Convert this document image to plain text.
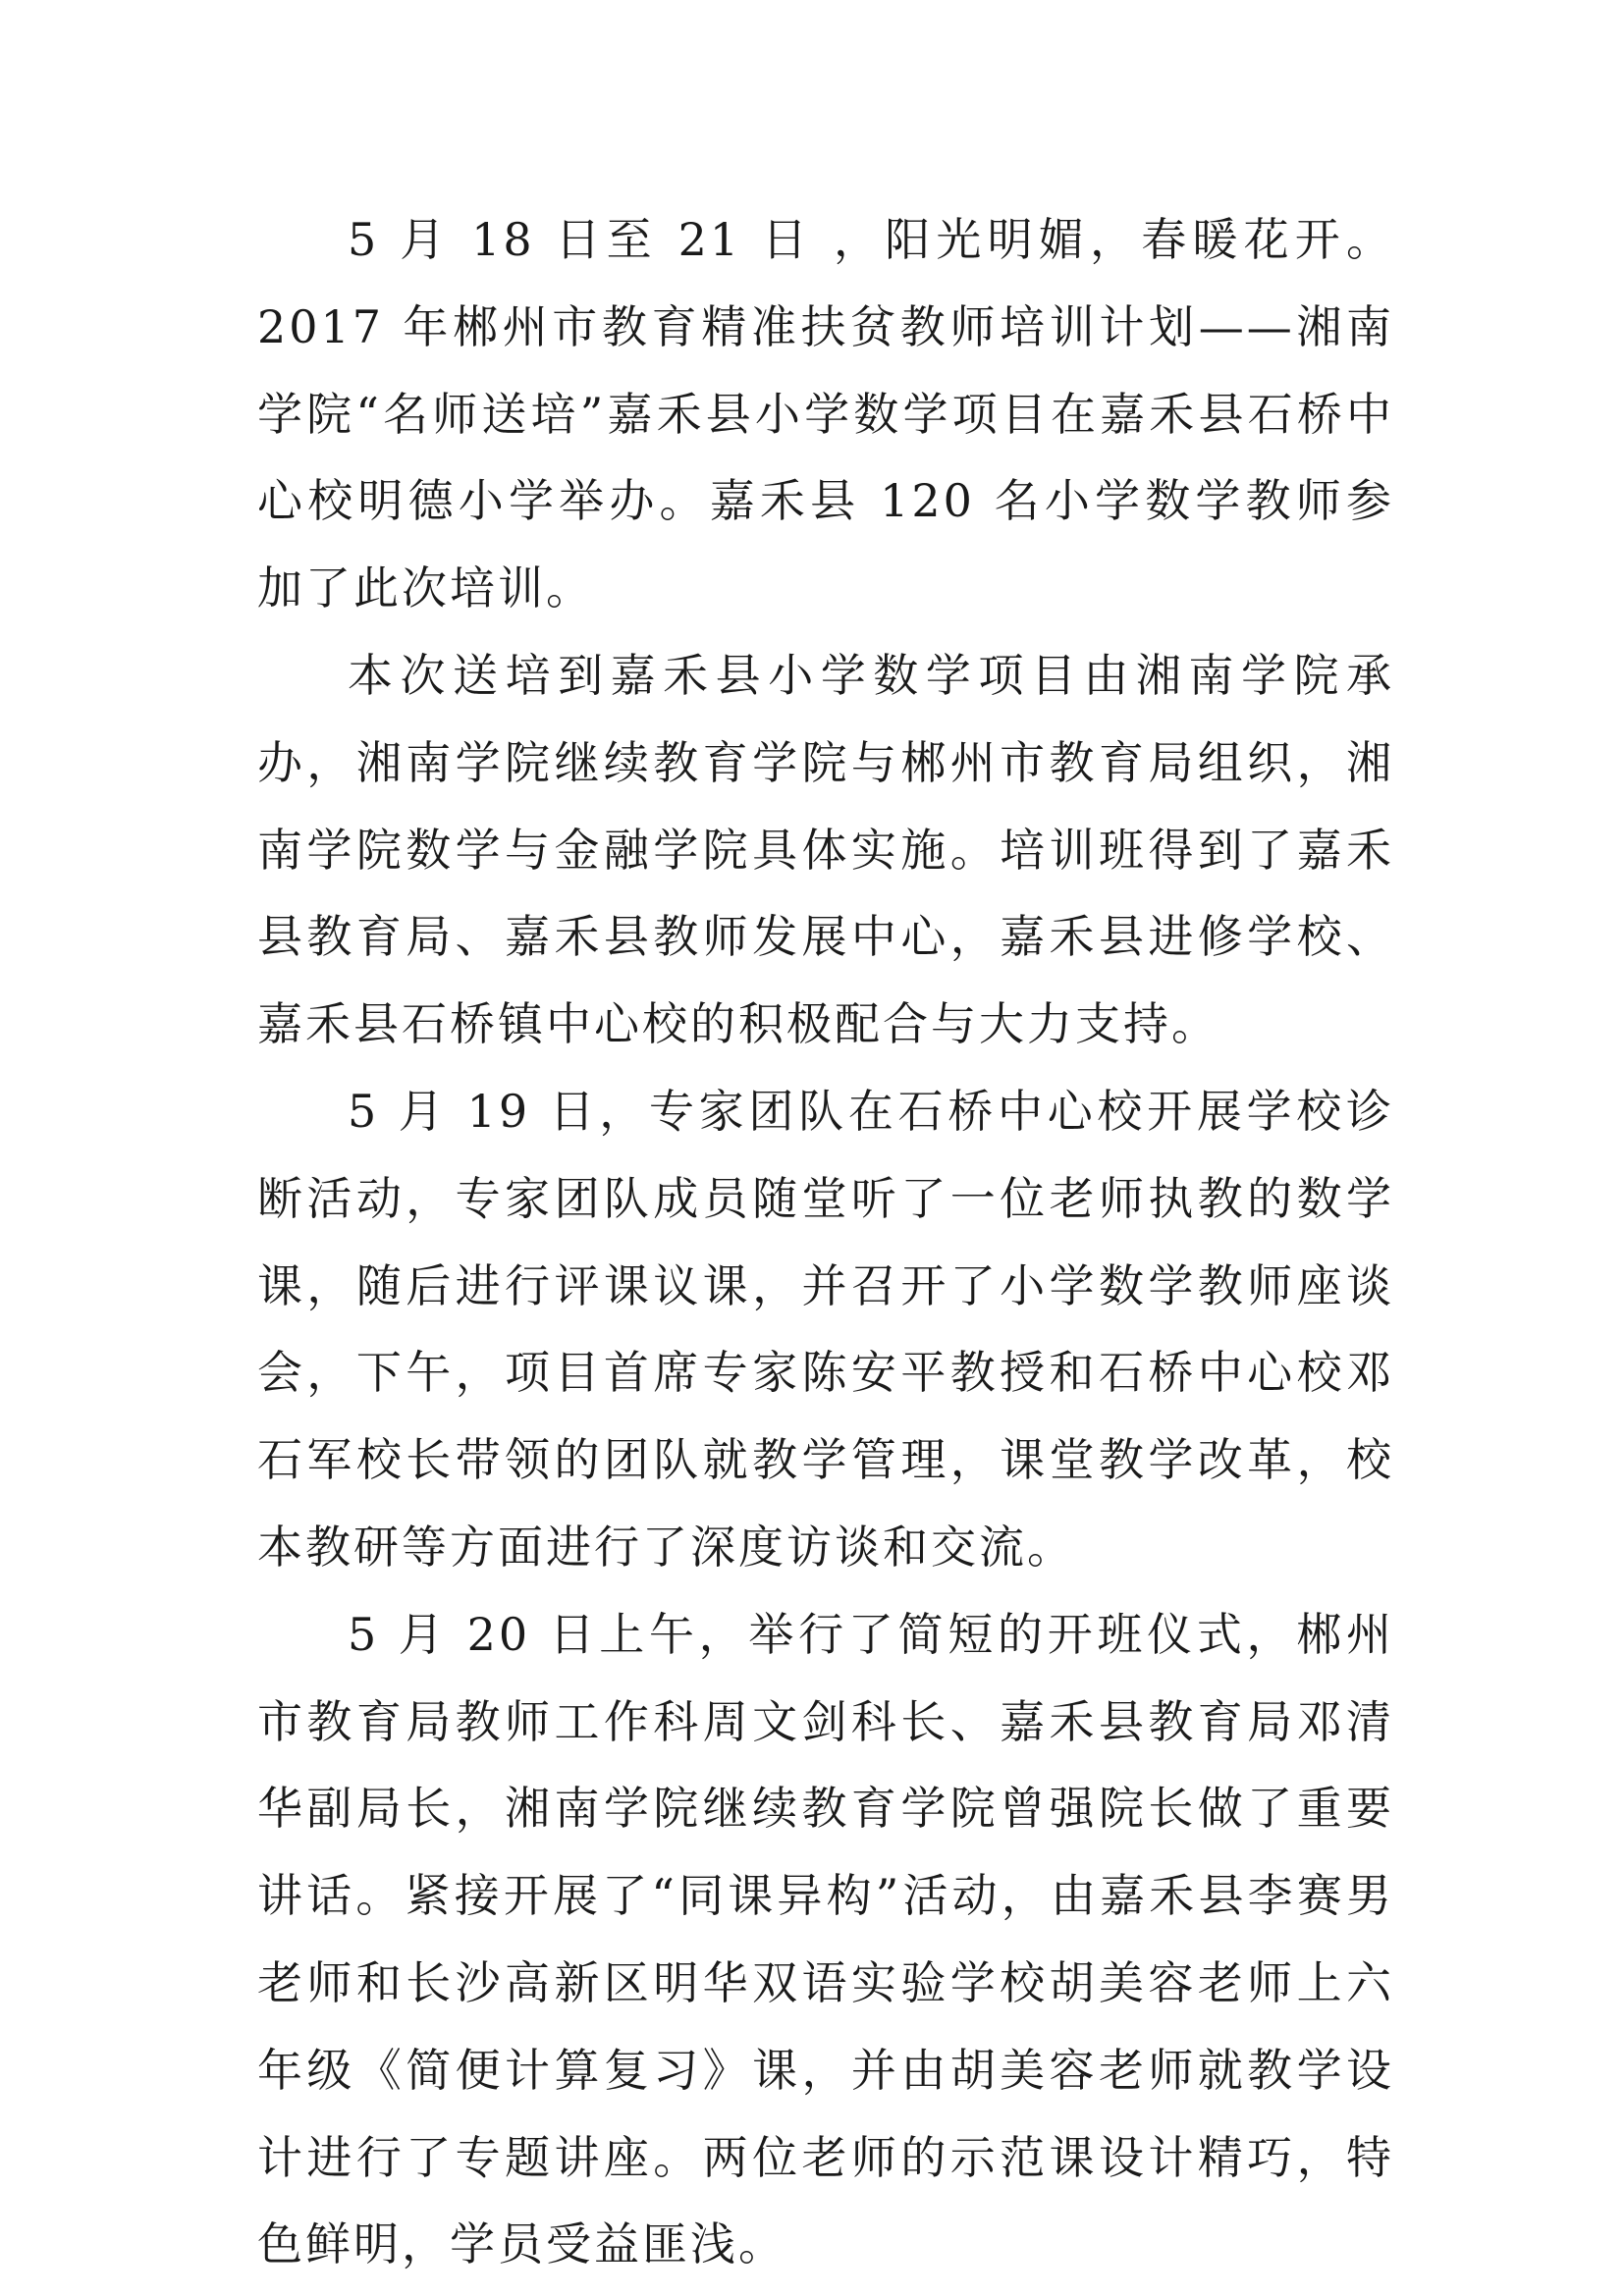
5 月 18 日至 21 日 ，阳光明媚，春暖花开。2017 年郴州市教育精准扶贫教师培训计划——湘南学院“名师送培”嘉禾县小学数学项目在嘉禾县石桥中心校明德小学举办。嘉禾县 120 名小学数学教师参加了此次培训。

本次送培到嘉禾县小学数学项目由湘南学院承办，湘南学院继续教育学院与郴州市教育局组织，湘南学院数学与金融学院具体实施。培训班得到了嘉禾县教育局、嘉禾县教师发展中心，嘉禾县进修学校、嘉禾县石桥镇中心校的积极配合与大力支持。

5 月 19 日，专家团队在石桥中心校开展学校诊断活动，专家团队成员随堂听了一位老师执教的数学课，随后进行评课议课，并召开了小学数学教师座谈会，下午，项目首席专家陈安平教授和石桥中心校邓石军校长带领的团队就教学管理，课堂教学改革，校本教研等方面进行了深度访谈和交流。

5 月 20 日上午，举行了简短的开班仪式，郴州市教育局教师工作科周文剑科长、嘉禾县教育局邓清华副局长，湘南学院继续教育学院曾强院长做了重要讲话。紧接开展了“同课异构”活动，由嘉禾县李赛男老师和长沙高新区明华双语实验学校胡美容老师上六年级《简便计算复习》课，并由胡美容老师就教学设计进行了专题讲座。两位老师的示范课设计精巧，特色鲜明，学员受益匪浅。
